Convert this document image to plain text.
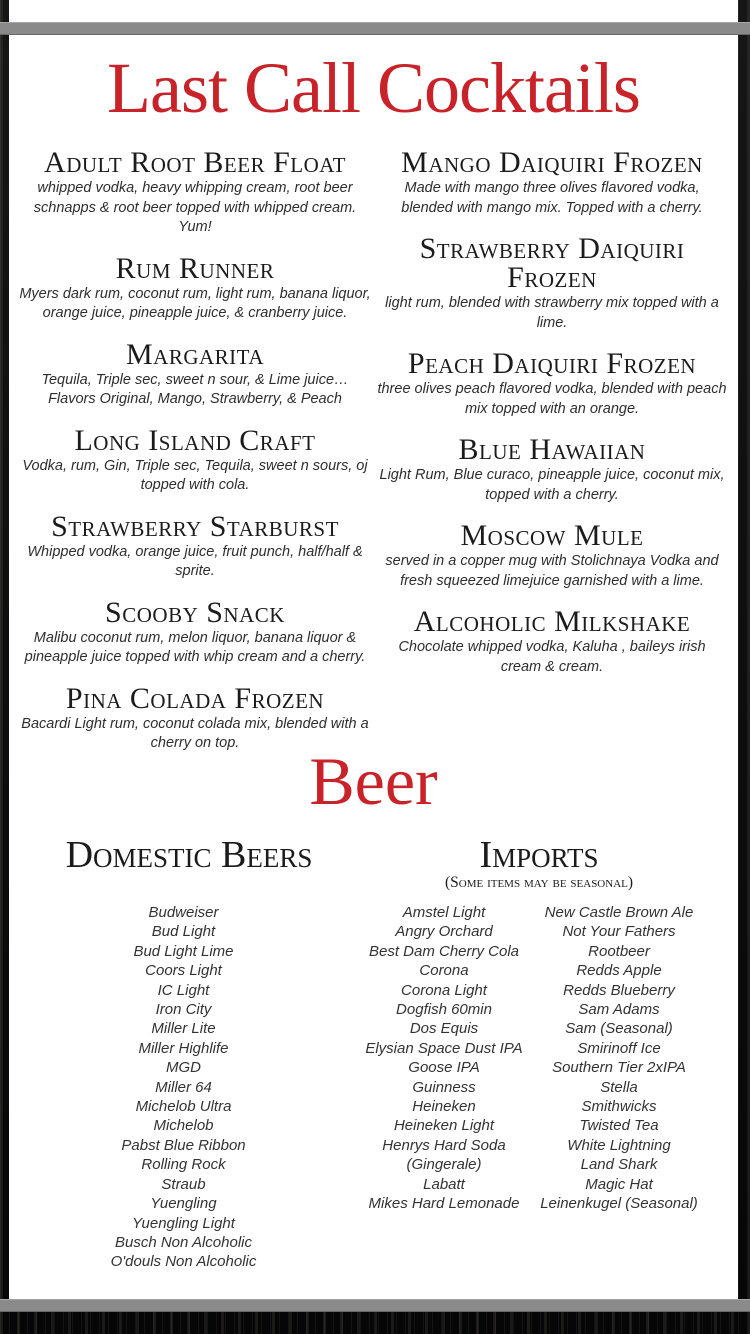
Last Call Cocktails
Adult Root Beer Float

whipped vodka, heavy whipping cream, root beer schnapps & root beer topped with whipped cream. Yum!

Rum Runner

Myers dark rum, coconut rum, light rum, banana liquor, orange juice, pineapple juice, & cranberry juice.

Margarita

Tequila, Triple sec, sweet n sour, & Lime juice…Flavors Original, Mango, Strawberry, & Peach

Long Island Craft

Vodka, rum, Gin, Triple sec, Tequila, sweet n sours, oj topped with cola.

Strawberry Starburst

Whipped vodka, orange juice, fruit punch, half/half & sprite.

Scooby Snack

Malibu coconut rum, melon liquor, banana liquor & pineapple juice topped with whip cream and a cherry.

Pina Colada Frozen

Bacardi Light rum, coconut colada mix, blended with a cherry on top.

Mango Daiquiri Frozen

Made with mango three olives flavored vodka, blended with mango mix. Topped with a cherry.

Strawberry Daiquiri Frozen

light rum, blended with strawberry mix topped with a lime.

Peach Daiquiri Frozen

three olives peach flavored vodka, blended with peach mix topped with an orange.

Blue Hawaiian

Light Rum, Blue curaco, pineapple juice, coconut mix, topped with a cherry.

Moscow Mule

served in a copper mug with Stolichnaya Vodka and fresh squeezed limejuice garnished with a lime.

Alcoholic Milkshake

Chocolate whipped vodka, Kaluha , baileys irish cream & cream.

Beer
Domestic Beers	Imports
(Some items may be seasonal)
Budweiser
Bud Light
Bud Light Lime
Coors Light
IC Light
Iron City
Miller Lite
Miller Highlife
MGD
Miller 64
Michelob Ultra
Michelob
Pabst Blue Ribbon
Rolling Rock
Straub
Yuengling
Yuengling Light
Busch Non Alcoholic
O'douls Non Alcoholic
Amstel Light
Angry Orchard
Best Dam Cherry Cola
Corona
Corona Light
Dogfish 60min
Dos Equis
Elysian Space Dust IPA
Goose IPA
Guinness
Heineken
Heineken Light
Henrys Hard Soda
(Gingerale)
Labatt
Mikes Hard Lemonade
New Castle Brown Ale
Not Your Fathers
Rootbeer
Redds Apple
Redds Blueberry
Sam Adams
Sam (Seasonal)
Smirinoff Ice
Southern Tier 2xIPA
Stella
Smithwicks
Twisted Tea
White Lightning
Land Shark
Magic Hat
Leinenkugel (Seasonal)
